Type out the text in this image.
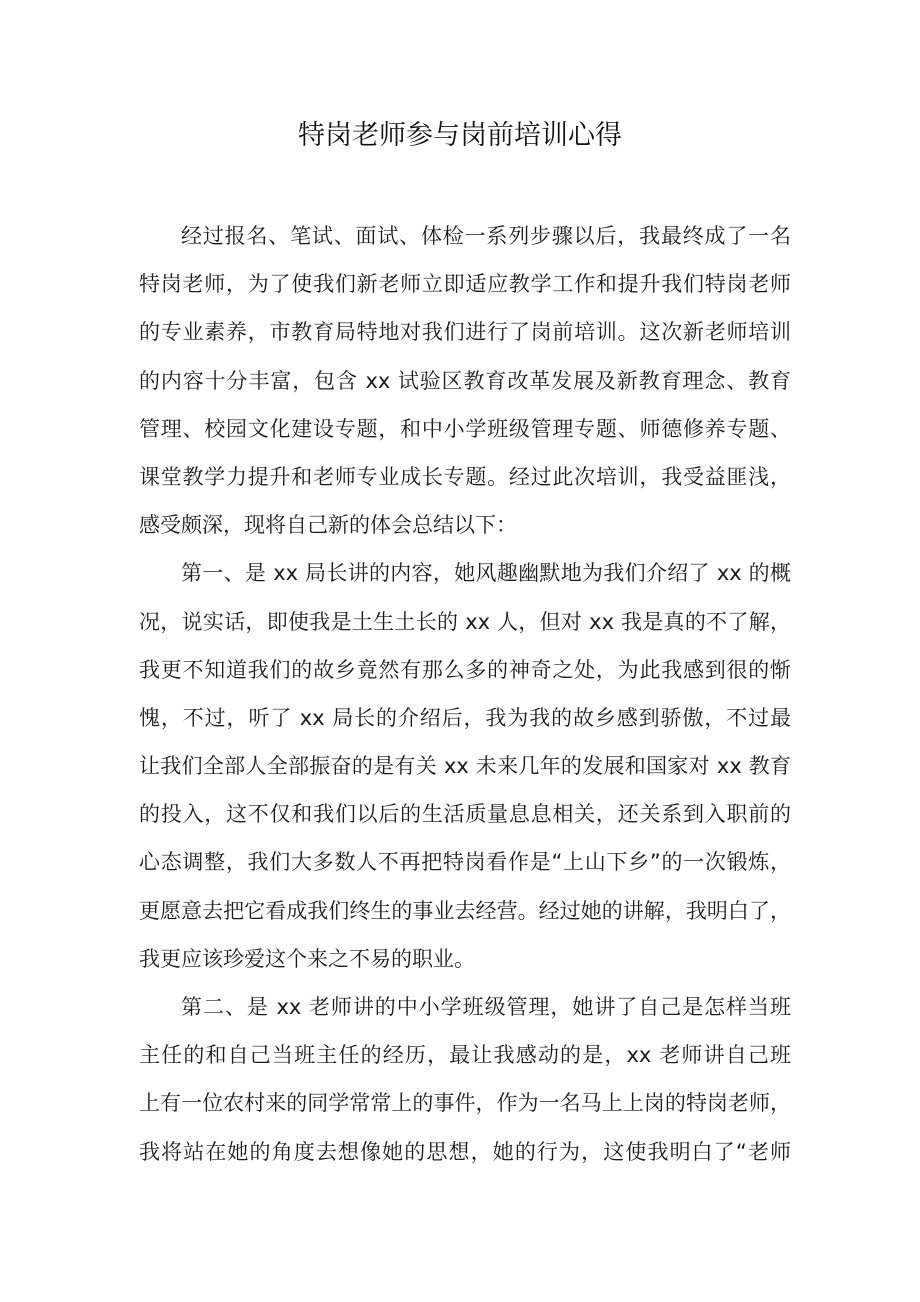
特岗老师参与岗前培训心得
经过报名、笔试、面试、体检一系列步骤以后，我最终成了一名
特岗老师，为了使我们新老师立即适应教学工作和提升我们特岗老师
的专业素养，市教育局特地对我们进行了岗前培训。这次新老师培训
的内容十分丰富，包含 xx 试验区教育改革发展及新教育理念、教育
管理、校园文化建设专题，和中小学班级管理专题、师德修养专题、
课堂教学力提升和老师专业成长专题。经过此次培训，我受益匪浅，
感受颇深，现将自己新的体会总结以下：
第一、是 xx 局长讲的内容，她风趣幽默地为我们介绍了 xx 的概
况，说实话，即使我是土生土长的 xx 人，但对 xx 我是真的不了解，
我更不知道我们的故乡竟然有那么多的神奇之处，为此我感到很的惭
愧，不过，听了 xx 局长的介绍后，我为我的故乡感到骄傲，不过最
让我们全部人全部振奋的是有关 xx 未来几年的发展和国家对 xx 教育
的投入，这不仅和我们以后的生活质量息息相关，还关系到入职前的
心态调整，我们大多数人不再把特岗看作是“上山下乡”的一次锻炼，
更愿意去把它看成我们终生的事业去经营。经过她的讲解，我明白了，
我更应该珍爱这个来之不易的职业。
第二、是 xx 老师讲的中小学班级管理，她讲了自己是怎样当班
主任的和自己当班主任的经历，最让我感动的是，xx 老师讲自己班
上有一位农村来的同学常常上的事件，作为一名马上上岗的特岗老师，
我将站在她的角度去想像她的思想，她的行为，这使我明白了“老师
